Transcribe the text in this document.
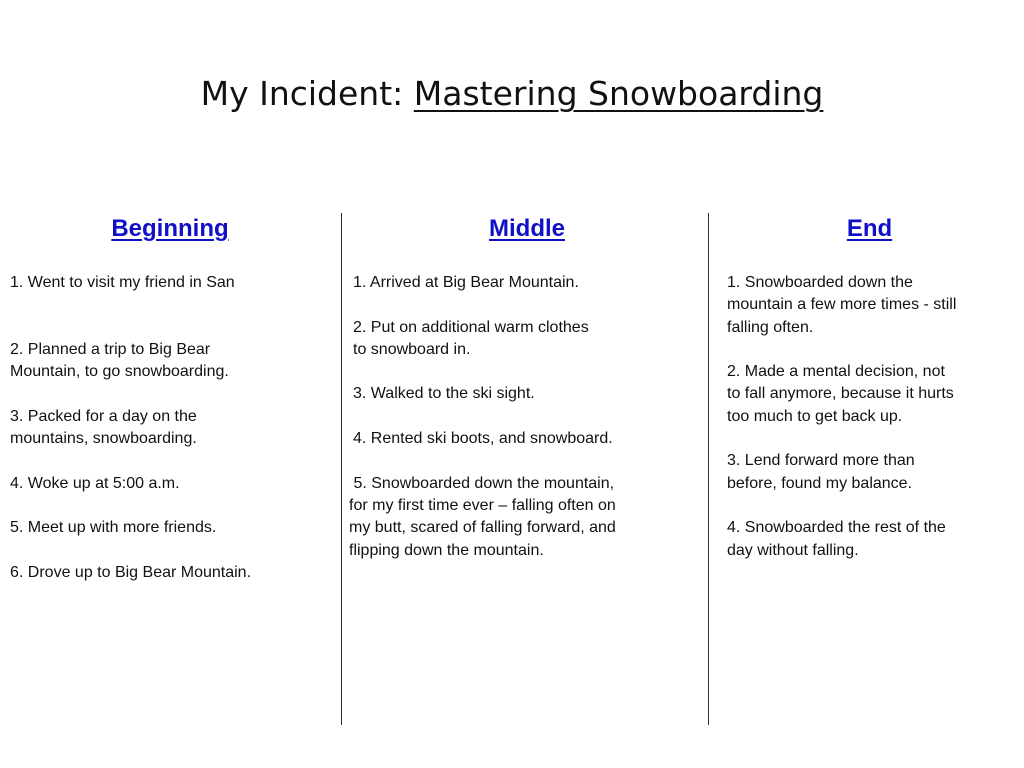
My Incident: Mastering Snowboarding
Beginning

1. Went to visit my friend in San

2. Planned a trip to Big Bear
Mountain, to go snowboarding.

3. Packed for a day on the
mountains, snowboarding.

4. Woke up at 5:00 a.m.

5. Meet up with more friends.

6. Drove up to Big Bear Mountain.

Middle

1. Arrived at Big Bear Mountain.

2. Put on additional warm clothes
to snowboard in.

3. Walked to the ski sight.

4. Rented ski boots, and snowboard.

5. Snowboarded down the mountain,
for my first time ever – falling often on
my butt, scared of falling forward, and
flipping down the mountain.

End

1. Snowboarded down the
mountain a few more times - still
falling often.

2. Made a mental decision, not
to fall anymore, because it hurts
too much to get back up.

3. Lend forward more than
before, found my balance.

4. Snowboarded the rest of the
day without falling.
